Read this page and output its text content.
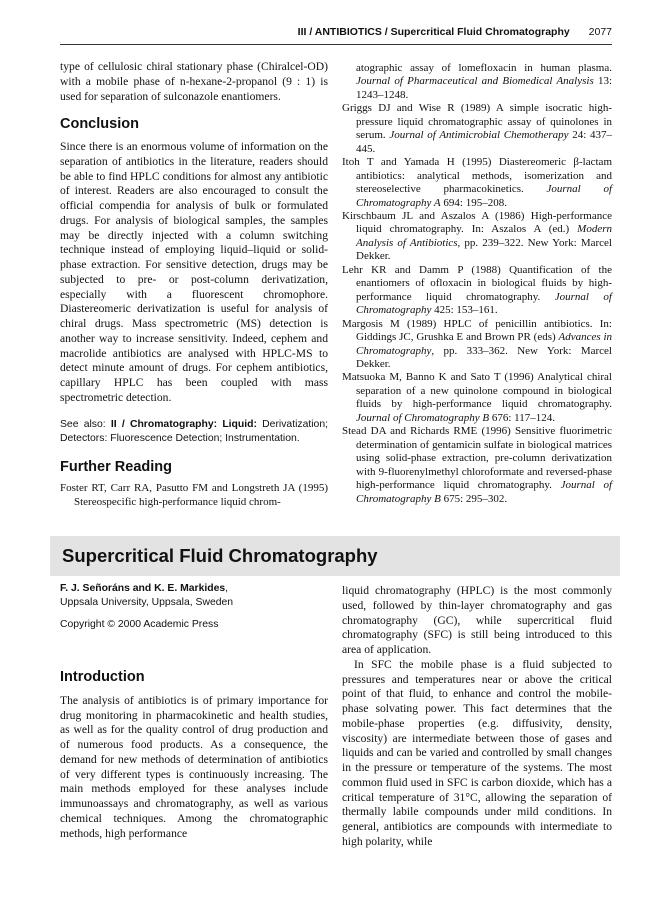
III / ANTIBIOTICS / Supercritical Fluid Chromatography 2077

type of cellulosic chiral stationary phase (Chiralcel-OD) with a mobile phase of n-hexane-2-propanol (9 : 1) is used for separation of sulconazole enantiomers.

Conclusion

Since there is an enormous volume of information on the separation of antibiotics in the literature, readers should be able to find HPLC conditions for almost any antibiotic of interest. Readers are also encouraged to consult the official compendia for analysis of bulk or formulated drugs. For analysis of biological samples, the samples may be directly injected with a column switching technique instead of employing liquid–liquid or solid-phase extraction. For sensitive detection, drugs may be subjected to pre- or post-column derivatization, especially with a fluorescent chromophore. Diastereomeric derivatization is useful for analysis of chiral drugs. Mass spectrometric (MS) detection is another way to increase sensitivity. Indeed, cephem and macrolide antibiotics are analysed with HPLC-MS to detect minute amount of drugs. For cephem antibiotics, capillary HPLC has been coupled with mass spectrometric detection.

See also: II / Chromatography: Liquid: Derivatization; Detectors: Fluorescence Detection; Instrumentation.

Further Reading

Foster RT, Carr RA, Pasutto FM and Longstreth JA (1995) Stereospecific high-performance liquid chrom-

atographic assay of lomefloxacin in human plasma. Journal of Pharmaceutical and Biomedical Analysis 13: 1243–1248.

Griggs DJ and Wise R (1989) A simple isocratic high-pressure liquid chromatographic assay of quinolones in serum. Journal of Antimicrobial Chemotherapy 24: 437–445.

Itoh T and Yamada H (1995) Diastereomeric β-lactam antibiotics: analytical methods, isomerization and stereoselective pharmacokinetics. Journal of Chromatography A 694: 195–208.

Kirschbaum JL and Aszalos A (1986) High-performance liquid chromatography. In: Aszalos A (ed.) Modern Analysis of Antibiotics, pp. 239–322. New York: Marcel Dekker.

Lehr KR and Damm P (1988) Quantification of the enantiomers of ofloxacin in biological fluids by high-performance liquid chromatography. Journal of Chromatography 425: 153–161.

Margosis M (1989) HPLC of penicillin antibiotics. In: Giddings JC, Grushka E and Brown PR (eds) Advances in Chromatography, pp. 333–362. New York: Marcel Dekker.

Matsuoka M, Banno K and Sato T (1996) Analytical chiral separation of a new quinolone compound in biological fluids by high-performance liquid chromatography. Journal of Chromatography B 676: 117–124.

Stead DA and Richards RME (1996) Sensitive fluorimetric determination of gentamicin sulfate in biological matrices using solid-phase extraction, pre-column derivatization with 9-fluorenylmethyl chloroformate and reversed-phase high-performance liquid chromatography. Journal of Chromatography B 675: 295–302.

Supercritical Fluid Chromatography
F. J. Señoráns and K. E. Markides,
Uppsala University, Uppsala, Sweden
Copyright © 2000 Academic Press
Introduction

The analysis of antibiotics is of primary importance for drug monitoring in pharmacokinetic and health studies, as well as for the quality control of drug production and of numerous food products. As a consequence, the demand for new methods of determination of antibiotics of very different types is continuously increasing. The main methods employed for these analyses include immunoassays and chromatography, as well as various chemical techniques. Among the chromatographic methods, high performance

liquid chromatography (HPLC) is the most commonly used, followed by thin-layer chromatography and gas chromatography (GC), while supercritical fluid chromatography (SFC) is still being introduced to this area of application.

In SFC the mobile phase is a fluid subjected to pressures and temperatures near or above the critical point of that fluid, to enhance and control the mobile-phase solvating power. This fact determines that the mobile-phase properties (e.g. diffusivity, density, viscosity) are intermediate between those of gases and liquids and can be varied and controlled by small changes in the pressure or temperature of the systems. The most common fluid used in SFC is carbon dioxide, which has a critical temperature of 31°C, allowing the separation of thermally labile compounds under mild conditions. In general, antibiotics are compounds with intermediate to high polarity, while
